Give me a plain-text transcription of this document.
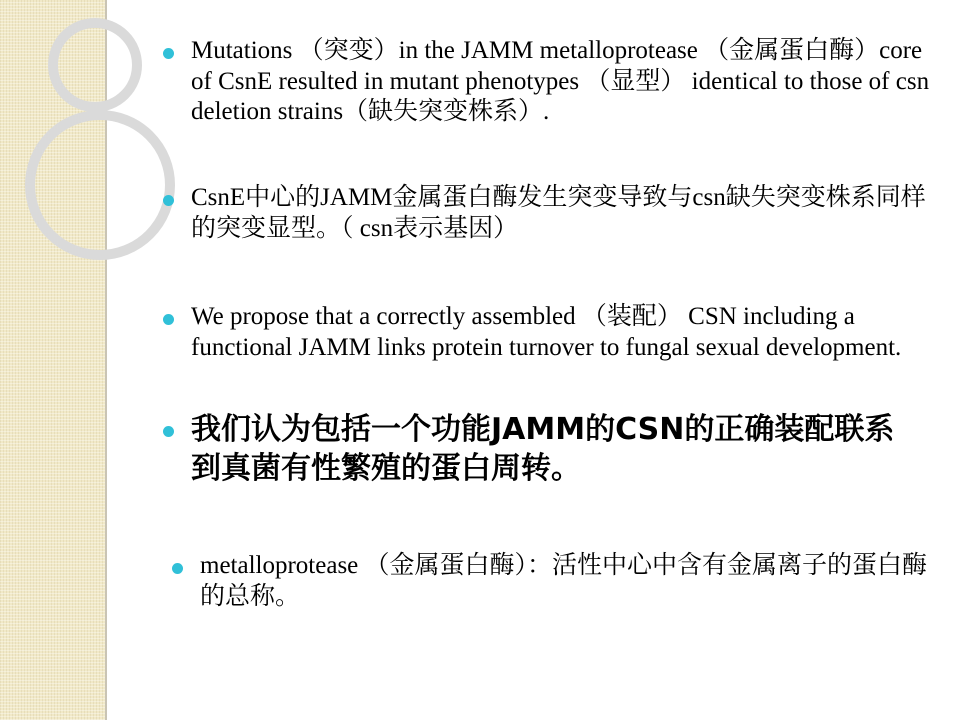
Mutations （突变）in the JAMM metalloprotease （金属蛋白酶）core of CsnE resulted in mutant phenotypes （显型） identical to those of csn deletion strains（缺失突变株系）.
CsnE中心的JAMM金属蛋白酶发生突变导致与csn缺失突变株系同样的突变显型。（ csn表示基因）
We propose that a correctly assembled （装配） CSN including a functional JAMM links protein turnover to fungal sexual development.
我们认为包括一个功能JAMM的CSN的正确装配联系到真菌有性繁殖的蛋白周转。
metalloprotease （金属蛋白酶）：活性中心中含有金属离子的蛋白酶的总称。
